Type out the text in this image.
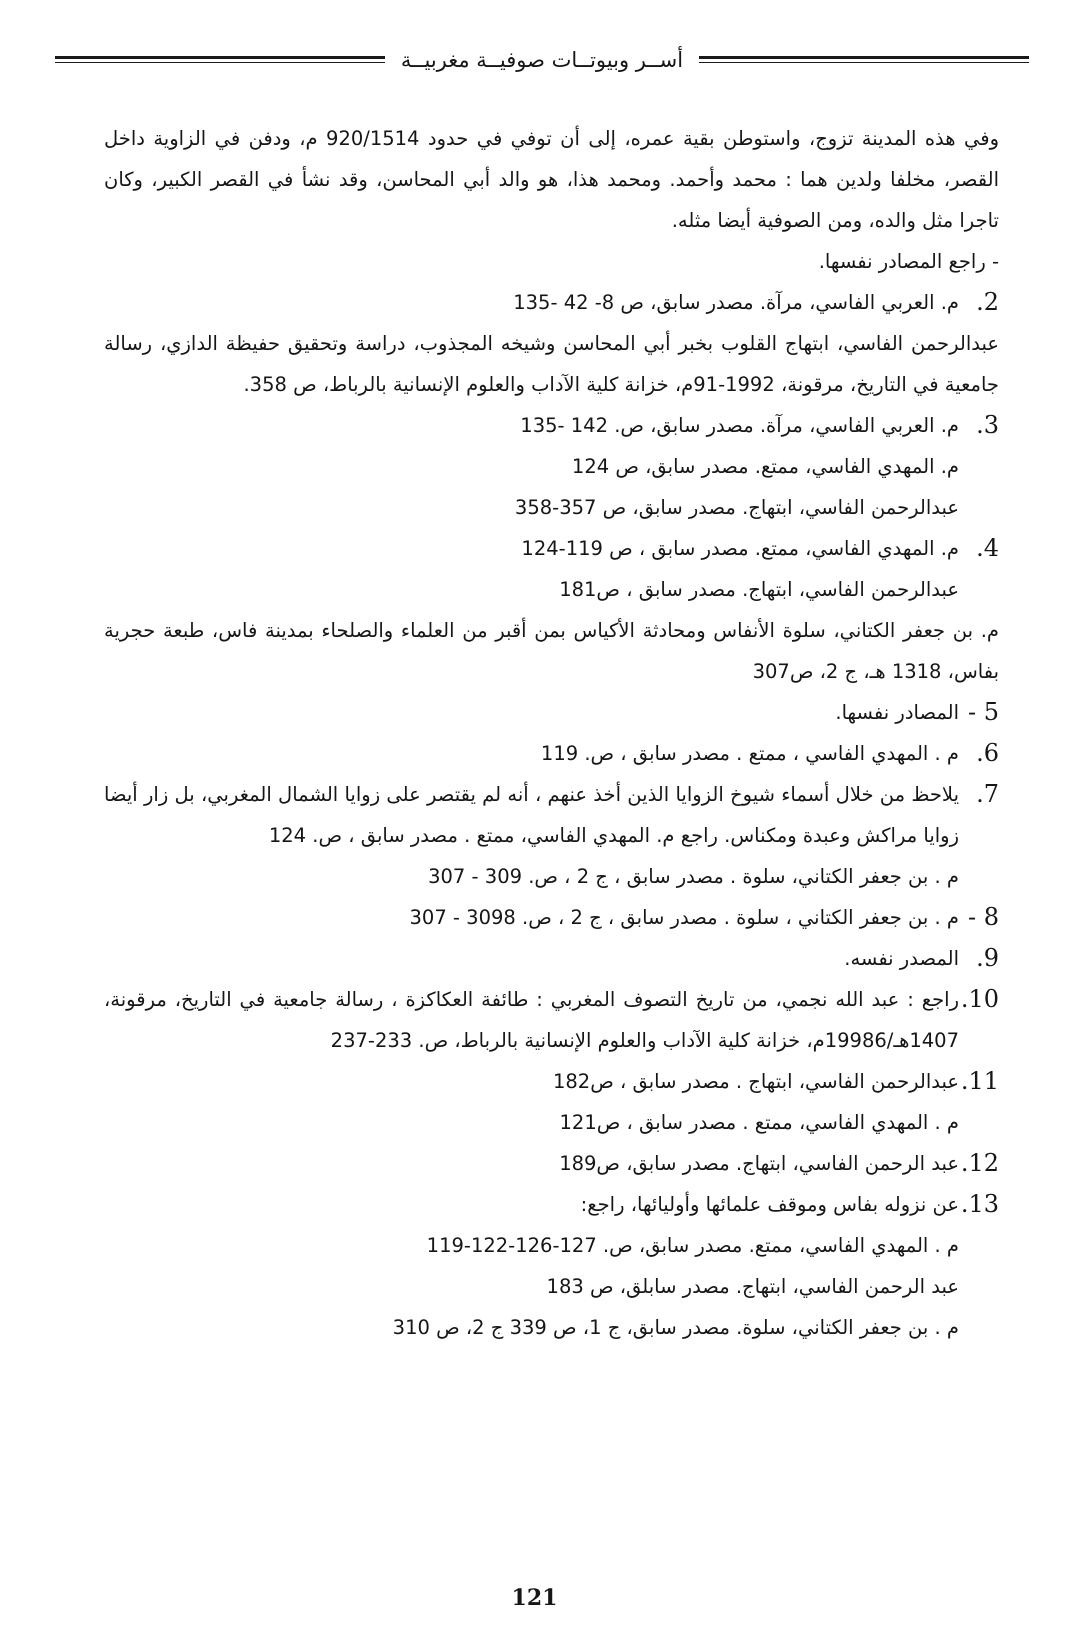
أســر وبيوتــات صوفيــة مغربيــة

وفي هذه المدينة تزوج، واستوطن بقية عمره، إلى أن توفي في حدود 920/1514 م، ودفن في الزاوية داخل القصر، مخلفا ولدين هما : محمد وأحمد. ومحمد هذا، هو والد أبي المحاسن، وقد نشأ في القصر الكبير، وكان تاجرا مثل والده، ومن الصوفية أيضا مثله.

- راجع المصادر نفسها.

2.
م. العربي الفاسي، مرآة. مصدر سابق، ص 8- 42 -135
عبدالرحمن الفاسي، ابتهاج القلوب بخبر أبي المحاسن وشيخه المجذوب، دراسة وتحقيق حفيظة الدازي، رسالة جامعية في التاريخ، مرقونة، 1992-91م، خزانة كلية الآداب والعلوم الإنسانية بالرباط، ص 358.
3.
م. العربي الفاسي، مرآة. مصدر سابق، ص. 142 -135
م. المهدي الفاسي، ممتع. مصدر سابق، ص 124
عبدالرحمن الفاسي، ابتهاج. مصدر سابق، ص 357-358
4.
م. المهدي الفاسي، ممتع. مصدر سابق ، ص 119-124
عبدالرحمن الفاسي، ابتهاج. مصدر سابق ، ص181
م. بن جعفر الكتاني، سلوة الأنفاس ومحادثة الأكياس بمن أقبر من العلماء والصلحاء بمدينة فاس، طبعة حجرية بفاس، 1318 هـ، ج 2، ص307
5 -
المصادر نفسها.
6.
م . المهدي الفاسي ، ممتع . مصدر سابق ، ص. 119
7.
يلاحظ من خلال أسماء شيوخ الزوايا الذين أخذ عنهم ، أنه لم يقتصر على زوايا الشمال المغربي، بل زار أيضا زوايا مراكش وعبدة ومكناس. راجع م. المهدي الفاسي، ممتع . مصدر سابق ، ص. 124
م . بن جعفر الكتاني، سلوة . مصدر سابق ، ج 2 ، ص. 309 - 307
8 -
م . بن جعفر الكتاني ، سلوة . مصدر سابق ، ج 2 ، ص. 3098 - 307
9.
المصدر نفسه.
10.
راجع : عبد الله نجمي، من تاريخ التصوف المغربي : طائفة العكاكزة ، رسالة جامعية في التاريخ، مرقونة، 1407هـ/19986م، خزانة كلية الآداب والعلوم الإنسانية بالرباط، ص. 233-237
11.
عبدالرحمن الفاسي، ابتهاج . مصدر سابق ، ص182
م . المهدي الفاسي، ممتع . مصدر سابق ، ص121
12.
عبد الرحمن الفاسي، ابتهاج. مصدر سابق، ص189
13.
عن نزوله بفاس وموقف علمائها وأوليائها، راجع:
م . المهدي الفاسي، ممتع. مصدر سابق، ص. 127-126-122-119
عبد الرحمن الفاسي، ابتهاج. مصدر سابلق، ص 183
م . بن جعفر الكتاني، سلوة. مصدر سابق، ج 1، ص 339 ج 2، ص 310
121
